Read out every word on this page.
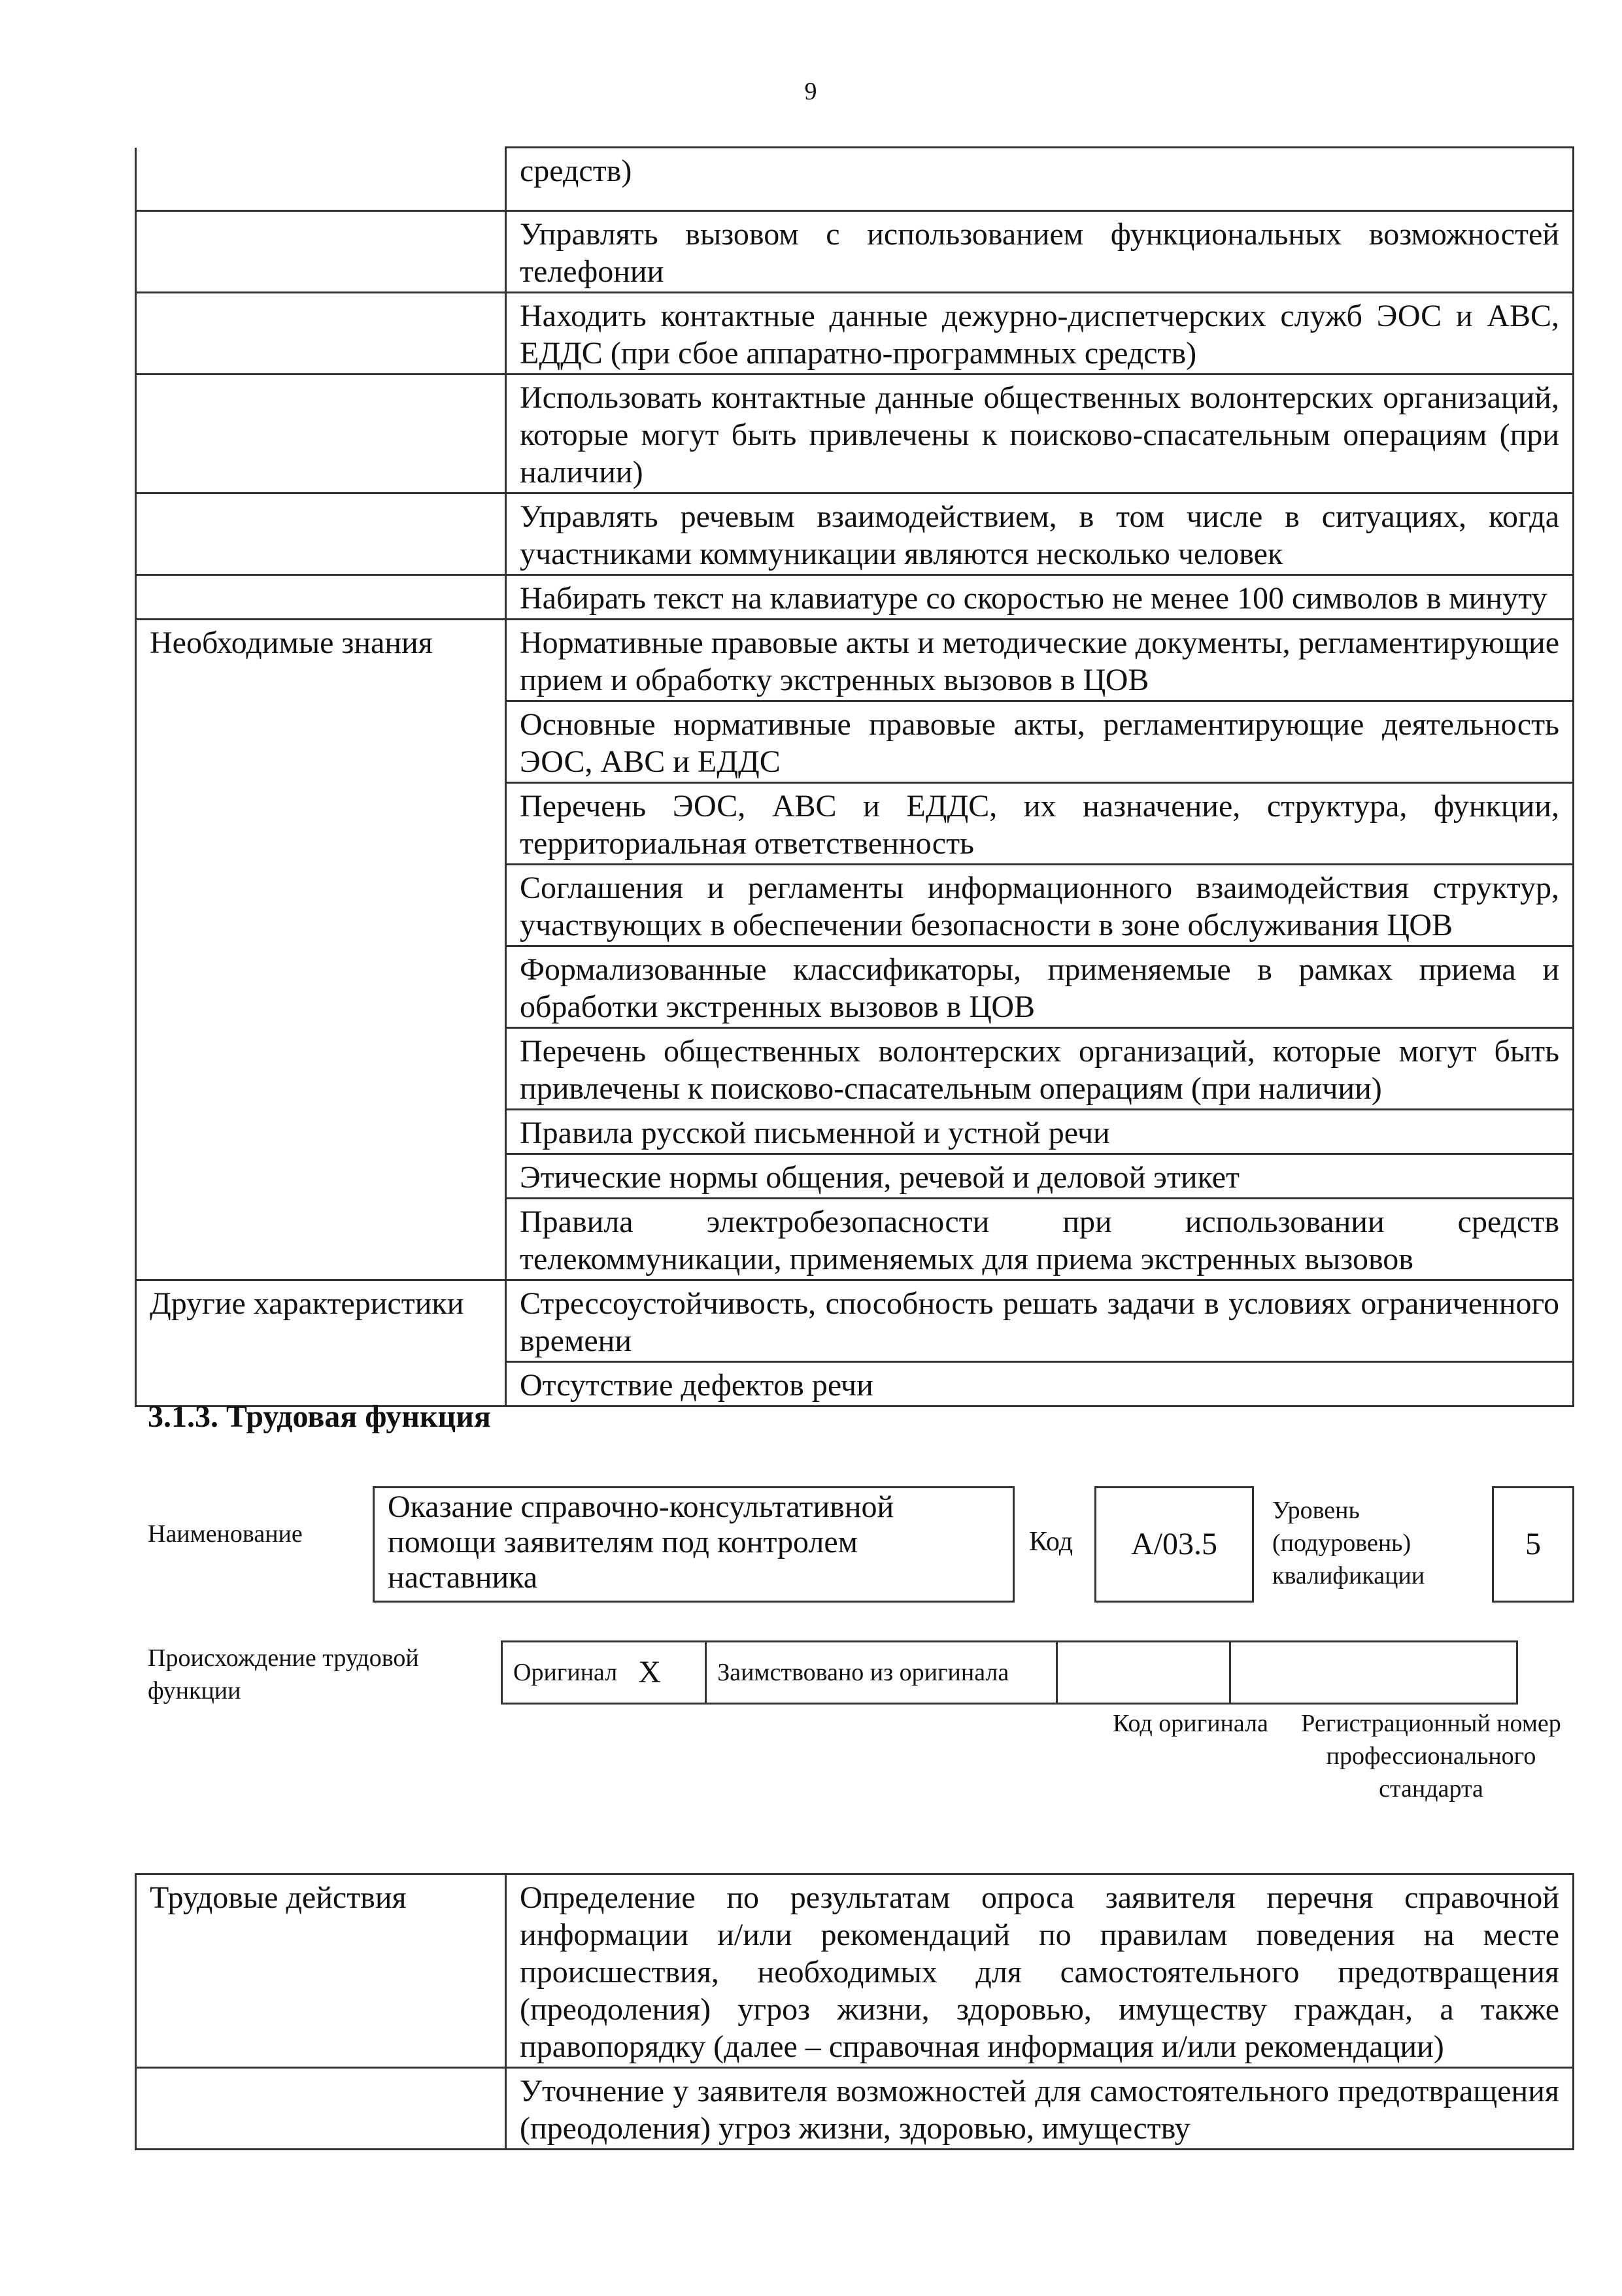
9
	средств)
	Управлять вызовом с использованием функциональных возможностей телефонии
	Находить контактные данные дежурно-диспетчерских служб ЭОС и АВС, ЕДДС (при сбое аппаратно-программных средств)
	Использовать контактные данные общественных волонтерских организаций, которые могут быть привлечены к поисково-спасательным операциям (при наличии)
	Управлять речевым взаимодействием, в том числе в ситуациях, когда участниками коммуникации являются несколько человек
	Набирать текст на клавиатуре со скоростью не менее 100 символов в минуту
Необходимые знания	Нормативные правовые акты и методические документы, регламентирующие прием и обработку экстренных вызовов в ЦОВ
	Основные нормативные правовые акты, регламентирующие деятельность ЭОС, АВС и ЕДДС
	Перечень ЭОС, АВС и ЕДДС, их назначение, структура, функции, территориальная ответственность
	Соглашения и регламенты информационного взаимодействия структур, участвующих в обеспечении безопасности в зоне обслуживания ЦОВ
	Формализованные классификаторы, применяемые в рамках приема и обработки экстренных вызовов в ЦОВ
	Перечень общественных волонтерских организаций, которые могут быть привлечены к поисково-спасательным операциям (при наличии)
	Правила русской письменной и устной речи
	Этические нормы общения, речевой и деловой этикет
	Правила электробезопасности при использовании средств телекоммуникации, применяемых для приема экстренных вызовов
Другие характеристики	Стрессоустойчивость, способность решать задачи в условиях ограниченного времени
	Отсутствие дефектов речи
3.1.3. Трудовая функция
Наименование
Оказание справочно-консультативной помощи заявителям под контролем наставника
Код	A/03.5
Уровень (подуровень) квалификации
5
Происхождение трудовой функции
Оригинал	X	Заимствовано из оригинала		
Код оригинала	Регистрационный номер профессионального стандарта
Трудовые действия	Определение по результатам опроса заявителя перечня справочной информации и/или рекомендаций по правилам поведения на месте происшествия, необходимых для самостоятельного предотвращения (преодоления) угроз жизни, здоровью, имуществу граждан, а также правопорядку (далее – справочная информация и/или рекомендации)
	Уточнение у заявителя возможностей для самостоятельного предотвращения (преодоления) угроз жизни, здоровью, имуществу
